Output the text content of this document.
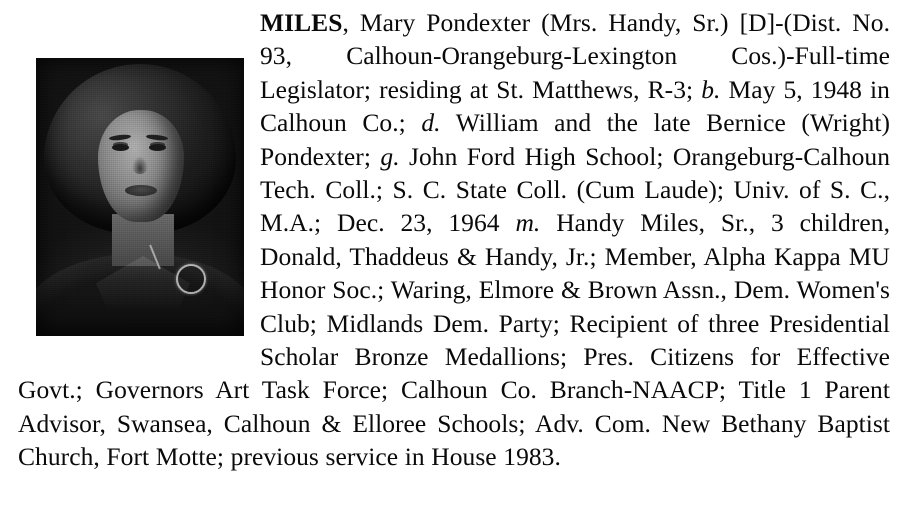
MILES, Mary Pondexter (Mrs. Handy, Sr.) [D]-(Dist. No. 93, Calhoun-Orangeburg-Lexington Cos.)-Full-time Legislator; residing at St. Matthews, R-3; b. May 5, 1948 in Calhoun Co.; d. William and the late Bernice (Wright) Pondexter; g. John Ford High School; Orangeburg-Calhoun Tech. Coll.; S. C. State Coll. (Cum Laude); Univ. of S. C., M.A.; Dec. 23, 1964 m. Handy Miles, Sr., 3 children, Donald, Thaddeus & Handy, Jr.; Member, Alpha Kappa MU Honor Soc.; Waring, Elmore & Brown Assn., Dem. Women's Club; Midlands Dem. Party; Recipient of three Presidential Scholar Bronze Medallions; Pres. Citizens for Effective Govt.; Governors Art Task Force; Calhoun Co. Branch-NAACP; Title 1 Parent Advisor, Swansea, Calhoun & Elloree Schools; Adv. Com. New Bethany Baptist Church, Fort Motte; previous service in House 1983.
